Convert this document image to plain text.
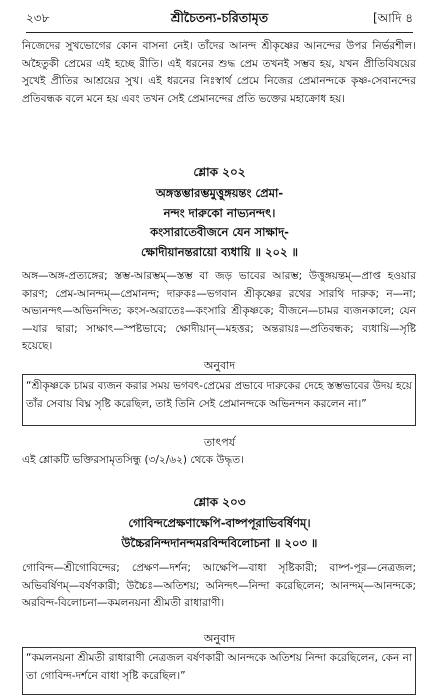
২৩৮	শ্রীচৈতন্য-চরিতামৃত	[আদি ৪

নিজেদের সুখভোগের কোন বাসনা নেই। তাঁদের আনন্দ শ্রীকৃষ্ণের আনন্দের উপর নির্ভরশীল। অহৈতুকী প্রেমের এই হচ্ছে রীতি। এই ধরনের শুদ্ধ প্রেম তখনই সম্ভব হয়, যখন প্রীতিবিষয়ের সুখেই প্রীতির আশ্রয়ের সুখ। এই ধরনের নিঃস্বার্থ প্রেমে নিজের প্রেমানন্দকে কৃষ্ণ-সেবানন্দের প্রতিবন্ধক বলে মনে হয় এবং তখন সেই প্রেমানন্দের প্রতি ভক্তের মহাক্রোধ হয়।

শ্লোক ২০২

অঙ্গস্তম্ভারম্ভমুত্তুঙ্গয়ন্তং প্রেমা-
নন্দং দারুকো নাভ্যনন্দৎ।
কংসারাতেবীজনে যেন সাক্ষাদ্-
ক্ষোদীয়ানন্তরায়ো ব্যধায়ি ॥ ২০২ ॥

অঙ্গ—অঙ্গ-প্রত্যঙ্গের; স্তম্ভ-আরম্ভম্—স্তম্ভ বা জড় ভাবের আরম্ভ; উত্তুঙ্গয়ন্তম্—প্রাপ্ত হওয়ার কারণ; প্রেম-আনন্দম্—প্রেমানন্দ; দারুকঃ—ভগবান শ্রীকৃষ্ণের রথের সারথি দারুক; ন—না; অভ্যনন্দৎ—অভিনন্দিত; কংস-অরাতেঃ—কংসারি শ্রীকৃষ্ণকে; বীজনে—চামর ব্যজনকালে; যেন—যার দ্বারা; সাক্ষাৎ—স্পষ্টভাবে; ক্ষোদীয়ান্—মহত্তর; অন্তরায়ঃ—প্রতিবন্ধক; ব্যধায়ি—সৃষ্টি হয়েছে।

অনুবাদ

“শ্রীকৃষ্ণকে চামর ব্যজন করার সময় ভগবৎ-প্রেমের প্রভাবে দারুকের দেহে স্তম্ভভাবের উদয় হয়ে তাঁর সেবায় বিঘ্ন সৃষ্টি করেছিল, তাই তিনি সেই প্রেমানন্দকে অভিনন্দন করলেন না।”

তাৎপর্য

এই শ্লোকটি ভক্তিরসামৃতসিন্ধু (৩/২/৬২) থেকে উদ্ধৃত।

শ্লোক ২০৩

গোবিন্দপ্রেক্ষণাক্ষেপি-বাষ্পপূরাভিবর্ষিণম্।
উচ্চৈরনিন্দদানন্দমরবিন্দবিলোচনা ॥ ২০৩ ॥

গোবিন্দ—শ্রীগোবিন্দের; প্রেক্ষণ—দর্শন; আক্ষেপি—বাধা সৃষ্টিকারী; বাষ্প-পূর—নেত্রজল; অভিবর্ষিণম্—বর্ষণকারী; উচ্চৈঃ—অতিশয়; অনিন্দৎ—নিন্দা করেছিলেন; আনন্দম্—আনন্দকে; অরবিন্দ-বিলোচনা—কমলনয়না শ্রীমতী রাধারাণী।

অনুবাদ

“কমলনয়না শ্রীমতী রাধারাণী নেত্রজল বর্ষণকারী আনন্দকে অতিশয় নিন্দা করেছিলেন, কেন না তা গোবিন্দ-দর্শনে বাধা সৃষ্টি করেছিল।”
